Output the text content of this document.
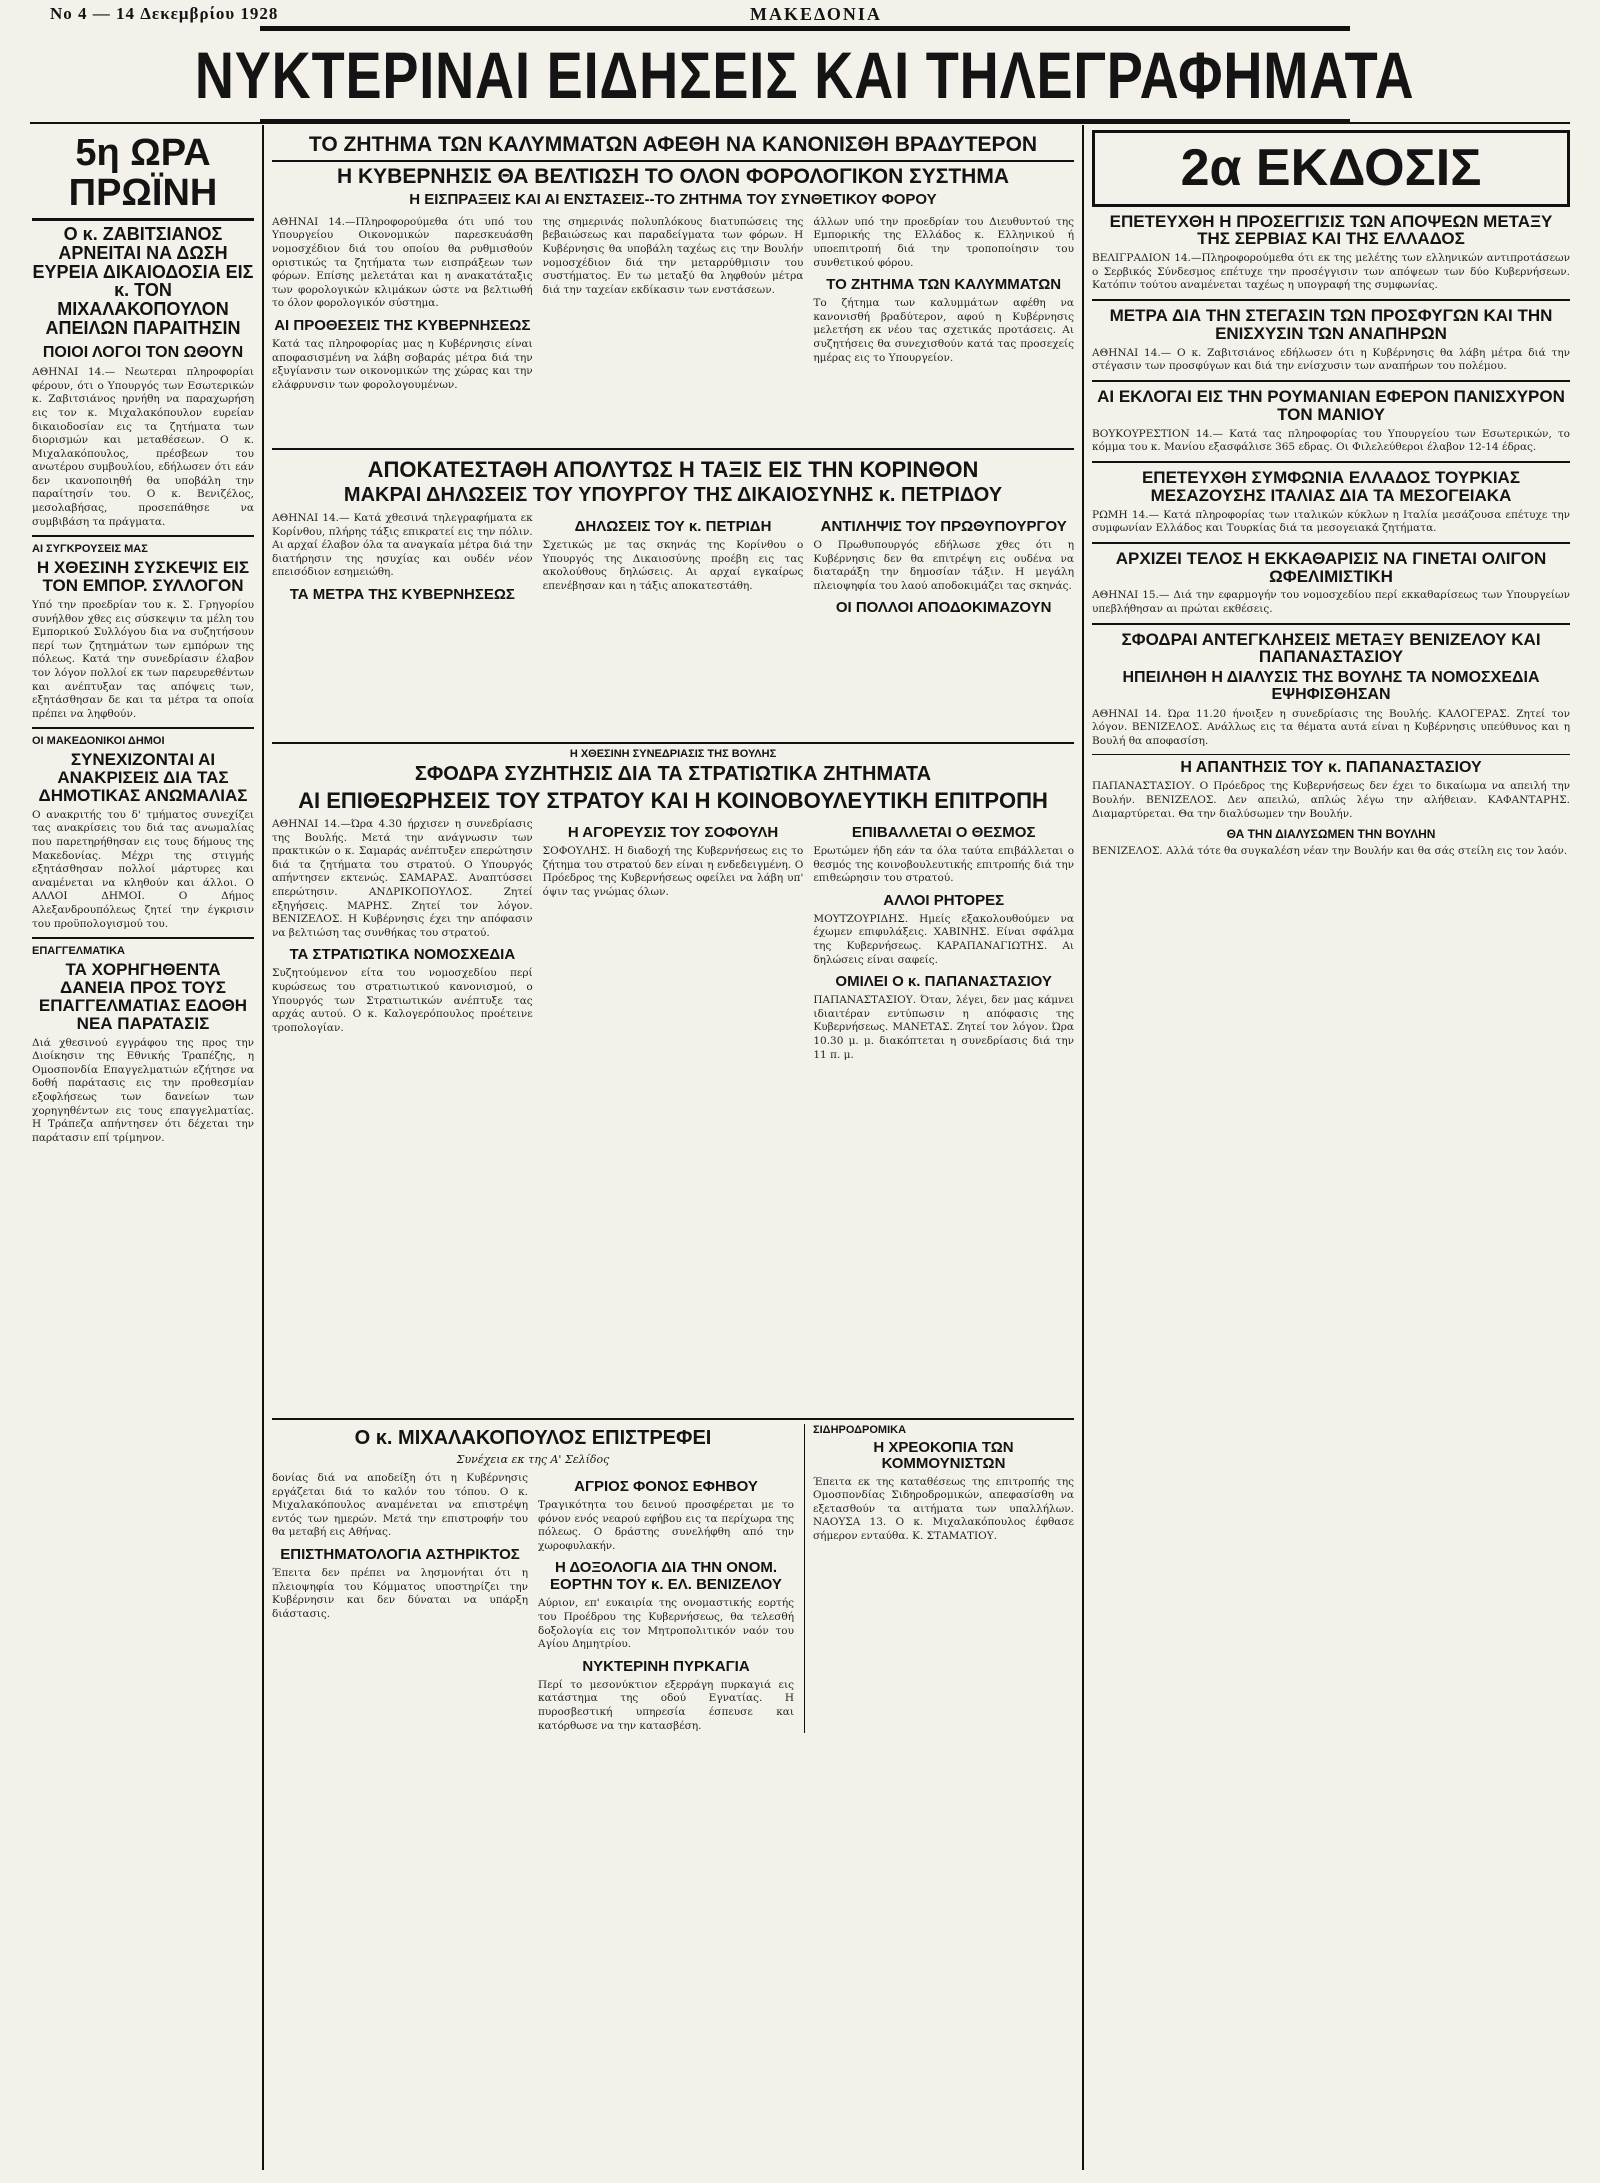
Νo 4 — 14 Δεκεμβρίου 1928	ΜΑΚΕΔΟΝΙΑ
ΝΥΚΤΕΡΙΝΑΙ ΕΙΔΗΣΕΙΣ ΚΑΙ ΤΗΛΕΓΡΑΦΗΜΑΤΑ
5η ΩΡΑ ΠΡΩΪΝΗ
Ο κ. ΖΑΒΙΤΣΙΑΝΟΣ ΑΡΝΕΙΤΑΙ ΝΑ ΔΩΣΗ ΕΥΡΕΙΑ ΔΙΚΑΙΟΔΟΣΙΑ ΕΙΣ κ. ΤΟΝ ΜΙΧΑΛΑΚΟΠΟΥΛΟΝ ΑΠΕΙΛΩΝ ΠΑΡΑΙΤΗΣΙΝ
ΠΟΙΟΙ ΛΟΓΟΙ ΤΟΝ ΩΘΟΥΝ

ΑΘΗΝΑΙ 14.— Νεωτεραι πληροφορίαι φέρουν, ότι ο Υπουργός των Εσωτερικών κ. Ζαβιτσιάνος ηρνήθη να παραχωρήση εις τον κ. Μιχαλακόπουλον ευρείαν δικαιοδοσίαν εις τα ζητήματα των διορισμών και μεταθέσεων. Ο κ. Μιχαλακόπουλος, πρέσβεων του ανωτέρου συμβουλίου, εδήλωσεν ότι εάν δεν ικανοποιηθή θα υποβάλη την παραίτησίν του. Ο κ. Βενιζέλος, μεσολαβήσας, προσεπάθησε να συμβιβάση τα πράγματα.

ΑΙ ΣΥΓΚΡΟΥΣΕΙΣ ΜΑΣ
Η ΧΘΕΣΙΝΗ ΣΥΣΚΕΨΙΣ ΕΙΣ ΤΟΝ ΕΜΠΟΡ. ΣΥΛΛΟΓΟΝ

Υπό την προεδρίαν του κ. Σ. Γρηγορίου συνήλθον χθες εις σύσκεψιν τα μέλη του Εμπορικού Συλλόγου δια να συζητήσουν περί των ζητημάτων των εμπόρων της πόλεως. Κατά την συνεδρίασιν έλαβον τον λόγον πολλοί εκ των παρευρεθέντων και ανέπτυξαν τας απόψεις των, εξητάσθησαν δε και τα μέτρα τα οποία πρέπει να ληφθούν.

ΟΙ ΜΑΚΕΔΟΝΙΚΟΙ ΔΗΜΟΙ
ΣΥΝΕΧΙΖΟΝΤΑΙ ΑΙ ΑΝΑΚΡΙΣΕΙΣ ΔΙΑ ΤΑΣ ΔΗΜΟΤΙΚΑΣ ΑΝΩΜΑΛΙΑΣ

Ο ανακριτής του δ' τμήματος συνεχίζει τας ανακρίσεις του διά τας ανωμαλίας που παρετηρήθησαν εις τους δήμους της Μακεδονίας. Μέχρι της στιγμής εξητάσθησαν πολλοί μάρτυρες και αναμένεται να κληθούν και άλλοι. Ο ΑΛΛΟΙ ΔΗΜΟΙ. Ο Δήμος Αλεξανδρουπόλεως ζητεί την έγκρισιν του προϋπολογισμού του.

ΕΠΑΓΓΕΛΜΑΤΙΚΑ
ΤΑ ΧΟΡΗΓΗΘΕΝΤΑ ΔΑΝΕΙΑ ΠΡΟΣ ΤΟΥΣ ΕΠΑΓΓΕΛΜΑΤΙΑΣ ΕΔΟΘΗ ΝΕΑ ΠΑΡΑΤΑΣΙΣ

Διά χθεσινού εγγράφου της προς την Διοίκησιν της Εθνικής Τραπέζης, η Ομοσπονδία Επαγγελματιών εζήτησε να δοθή παράτασις εις την προθεσμίαν εξοφλήσεως των δανείων των χορηγηθέντων εις τους επαγγελματίας. Η Τράπεζα απήντησεν ότι δέχεται την παράτασιν επί τρίμηνον.

ΤΟ ΖΗΤΗΜΑ ΤΩΝ ΚΑΛΥΜΜΑΤΩΝ ΑΦΕΘΗ ΝΑ ΚΑΝΟΝΙΣΘΗ ΒΡΑΔΥΤΕΡΟΝ
Η ΚΥΒΕΡΝΗΣΙΣ ΘΑ ΒΕΛΤΙΩΣΗ ΤΟ ΟΛΟΝ ΦΟΡΟΛΟΓΙΚΟΝ ΣΥΣΤΗΜΑ
Η ΕΙΣΠΡΑΞΕΙΣ ΚΑΙ ΑΙ ΕΝΣΤΑΣΕΙΣ--ΤΟ ΖΗΤΗΜΑ ΤΟΥ ΣΥΝΘΕΤΙΚΟΥ ΦΟΡΟΥ

ΑΘΗΝΑΙ 14.—Πληροφορούμεθα ότι υπό του Υπουργείου Οικονομικών παρεσκευάσθη νομοσχέδιον διά του οποίου θα ρυθμισθούν οριστικώς τα ζητήματα των εισπράξεων των φόρων. Επίσης μελετάται και η ανακατάταξις των φορολογικών κλιμάκων ώστε να βελτιωθή το όλον φορολογικόν σύστημα.

ΑΙ ΠΡΟΘΕΣΕΙΣ ΤΗΣ ΚΥΒΕΡΝΗΣΕΩΣ

Κατά τας πληροφορίας μας η Κυβέρνησις είναι αποφασισμένη να λάβη σοβαράς μέτρα διά την εξυγίανσιν των οικονομικών της χώρας και την ελάφρυνσιν των φορολογουμένων.

της σημερινάς πολυπλόκους διατυπώσεις της βεβαιώσεως και παραδείγματα των φόρων. Η Κυβέρνησις θα υποβάλη ταχέως εις την Βουλήν νομοσχέδιον διά την μεταρρύθμισιν του συστήματος. Εν τω μεταξύ θα ληφθούν μέτρα διά την ταχείαν εκδίκασιν των ενστάσεων.

άλλων υπό την προεδρίαν του Διευθυντού της Εμπορικής της Ελλάδος κ. Ελληνικού ή υποεπιτροπή διά την τροποποίησιν του συνθετικού φόρου.

ΤΟ ΖΗΤΗΜΑ ΤΩΝ ΚΑΛΥΜΜΑΤΩΝ

Το ζήτημα των καλυμμάτων αφέθη να κανονισθή βραδύτερον, αφού η Κυβέρνησις μελετήση εκ νέου τας σχετικάς προτάσεις. Αι συζητήσεις θα συνεχισθούν κατά τας προσεχείς ημέρας εις το Υπουργείον.

ΑΠΟΚΑΤΕΣΤΑΘΗ ΑΠΟΛΥΤΩΣ Η ΤΑΞΙΣ ΕΙΣ ΤΗΝ ΚΟΡΙΝΘΟΝ
ΜΑΚΡΑΙ ΔΗΛΩΣΕΙΣ ΤΟΥ ΥΠΟΥΡΓΟΥ ΤΗΣ ΔΙΚΑΙΟΣΥΝΗΣ κ. ΠΕΤΡΙΔΟΥ

ΑΘΗΝΑΙ 14.— Κατά χθεσινά τηλεγραφήματα εκ Κορίνθου, πλήρης τάξις επικρατεί εις την πόλιν. Αι αρχαί έλαβον όλα τα αναγκαία μέτρα διά την διατήρησιν της ησυχίας και ουδέν νέον επεισόδιον εσημειώθη.

ΤΑ ΜΕΤΡΑ ΤΗΣ ΚΥΒΕΡΝΗΣΕΩΣ
ΔΗΛΩΣΕΙΣ ΤΟΥ κ. ΠΕΤΡΙΔΗ

Σχετικώς με τας σκηνάς της Κορίνθου ο Υπουργός της Δικαιοσύνης προέβη εις τας ακολούθους δηλώσεις. Αι αρχαί εγκαίρως επενέβησαν και η τάξις αποκατεστάθη.

ΑΝΤΙΛΗΨΙΣ ΤΟΥ ΠΡΩΘΥΠΟΥΡΓΟΥ

Ο Πρωθυπουργός εδήλωσε χθες ότι η Κυβέρνησις δεν θα επιτρέψη εις ουδένα να διαταράξη την δημοσίαν τάξιν. Η μεγάλη πλειοψηφία του λαού αποδοκιμάζει τας σκηνάς.

ΟΙ ΠΟΛΛΟΙ ΑΠΟΔΟΚΙΜΑΖΟΥΝ
Η ΧΘΕΣΙΝΗ ΣΥΝΕΔΡΙΑΣΙΣ ΤΗΣ ΒΟΥΛΗΣ
ΣΦΟΔΡΑ ΣΥΖΗΤΗΣΙΣ ΔΙΑ ΤΑ ΣΤΡΑΤΙΩΤΙΚΑ ΖΗΤΗΜΑΤΑ
ΑΙ ΕΠΙΘΕΩΡΗΣΕΙΣ ΤΟΥ ΣΤΡΑΤΟΥ ΚΑΙ Η ΚΟΙΝΟΒΟΥΛΕΥΤΙΚΗ ΕΠΙΤΡΟΠΗ

ΑΘΗΝΑΙ 14.—Ώρα 4.30 ήρχισεν η συνεδρίασις της Βουλής. Μετά την ανάγνωσιν των πρακτικών ο κ. Σαμαράς ανέπτυξεν επερώτησιν διά τα ζητήματα του στρατού. Ο Υπουργός απήντησεν εκτενώς. ΣΑΜΑΡΑΣ. Αναπτύσσει επερώτησιν. ΑΝΔΡΙΚΟΠΟΥΛΟΣ. Ζητεί εξηγήσεις. ΜΑΡΗΣ. Ζητεί τον λόγον. ΒΕΝΙΖΕΛΟΣ. Η Κυβέρνησις έχει την απόφασιν να βελτιώση τας συνθήκας του στρατού.

ΤΑ ΣΤΡΑΤΙΩΤΙΚΑ ΝΟΜΟΣΧΕΔΙΑ

Συζητούμενον είτα του νομοσχεδίου περί κυρώσεως του στρατιωτικού κανονισμού, ο Υπουργός των Στρατιωτικών ανέπτυξε τας αρχάς αυτού. Ο κ. Καλογερόπουλος προέτεινε τροπολογίαν.

Η ΑΓΟΡΕΥΣΙΣ ΤΟΥ ΣΟΦΟΥΛΗ

ΣΟΦΟΥΛΗΣ. Η διαδοχή της Κυβερνήσεως εις το ζήτημα του στρατού δεν είναι η ενδεδειγμένη. Ο Πρόεδρος της Κυβερνήσεως οφείλει να λάβη υπ' όψιν τας γνώμας όλων.

ΕΠΙΒΑΛΛΕΤΑΙ Ο ΘΕΣΜΟΣ

Ερωτώμεν ήδη εάν τα όλα ταύτα επιβάλλεται ο θεσμός της κοινοβουλευτικής επιτροπής διά την επιθεώρησιν του στρατού.

ΑΛΛΟΙ ΡΗΤΟΡΕΣ

ΜΟΥΤΖΟΥΡΙΔΗΣ. Ημείς εξακολουθούμεν να έχωμεν επιφυλάξεις. ΧΑΒΙΝΗΣ. Είναι σφάλμα της Κυβερνήσεως. ΚΑΡΑΠΑΝΑΓΙΩΤΗΣ. Αι δηλώσεις είναι σαφείς.

ΟΜΙΛΕΙ Ο κ. ΠΑΠΑΝΑΣΤΑΣΙΟΥ

ΠΑΠΑΝΑΣΤΑΣΙΟΥ. Όταν, λέγει, δεν μας κάμνει ιδιαιτέραν εντύπωσιν η απόφασις της Κυβερνήσεως. ΜΑΝΕΤΑΣ. Ζητεί τον λόγον. Ώρα 10.30 μ. μ. διακόπτεται η συνεδρίασις διά την 11 π. μ.

Ο κ. ΜΙΧΑΛΑΚΟΠΟΥΛΟΣ ΕΠΙΣΤΡΕΦΕΙ
Συνέχεια εκ της Α' Σελίδος

δονίας διά να αποδείξη ότι η Κυβέρνησις εργάζεται διά το καλόν του τόπου. Ο κ. Μιχαλακόπουλος αναμένεται να επιστρέψη εντός των ημερών. Μετά την επιστροφήν του θα μεταβή εις Αθήνας.

ΕΠΙΣΤΗΜΑΤΟΛΟΓΙΑ ΑΣΤΗΡΙΚΤΟΣ

Έπειτα δεν πρέπει να λησμονήται ότι η πλειοψηφία του Κόμματος υποστηρίζει την Κυβέρνησιν και δεν δύναται να υπάρξη διάστασις.

ΑΓΡΙΟΣ ΦΟΝΟΣ ΕΦΗΒΟΥ

Τραγικότητα του δεινού προσφέρεται με το φόνον ενός νεαρού εφήβου εις τα περίχωρα της πόλεως. Ο δράστης συνελήφθη από την χωροφυλακήν.

Η ΔΟΞΟΛΟΓΙΑ ΔΙΑ ΤΗΝ ΟΝΟΜ. ΕΟΡΤΗΝ ΤΟΥ κ. ΕΛ. ΒΕΝΙΖΕΛΟΥ

Αύριον, επ' ευκαιρία της ονομαστικής εορτής του Προέδρου της Κυβερνήσεως, θα τελεσθή δοξολογία εις τον Μητροπολιτικόν ναόν του Αγίου Δημητρίου.

ΝΥΚΤΕΡΙΝΗ ΠΥΡΚΑΓΙΑ

Περί το μεσονύκτιον εξερράγη πυρκαγιά εις κατάστημα της οδού Εγνατίας. Η πυροσβεστική υπηρεσία έσπευσε και κατόρθωσε να την κατασβέση.

ΣΙΔΗΡΟΔΡΟΜΙΚΑ
Η ΧΡΕΟΚΟΠΙΑ ΤΩΝ ΚΟΜΜΟΥΝΙΣΤΩΝ

Έπειτα εκ της καταθέσεως της επιτροπής της Ομοσπονδίας Σιδηροδρομικών, απεφασίσθη να εξετασθούν τα αιτήματα των υπαλλήλων. ΝΑΟΥΣΑ 13. Ο κ. Μιχαλακόπουλος έφθασε σήμερον ενταύθα. Κ. ΣΤΑΜΑΤΙΟΥ.

2α ΕΚΔΟΣΙΣ
ΕΠΕΤΕΥΧΘΗ Η ΠΡΟΣΕΓΓΙΣΙΣ ΤΩΝ ΑΠΟΨΕΩΝ ΜΕΤΑΞΥ ΤΗΣ ΣΕΡΒΙΑΣ ΚΑΙ ΤΗΣ ΕΛΛΑΔΟΣ

ΒΕΛΙΓΡΑΔΙΟΝ 14.—Πληροφορούμεθα ότι εκ της μελέτης των ελληνικών αντιπροτάσεων ο Σερβικός Σύνδεσμος επέτυχε την προσέγγισιν των απόψεων των δύο Κυβερνήσεων. Κατόπιν τούτου αναμένεται ταχέως η υπογραφή της συμφωνίας.

ΜΕΤΡΑ ΔΙΑ ΤΗΝ ΣΤΕΓΑΣΙΝ ΤΩΝ ΠΡΟΣΦΥΓΩΝ ΚΑΙ ΤΗΝ ΕΝΙΣΧΥΣΙΝ ΤΩΝ ΑΝΑΠΗΡΩΝ

ΑΘΗΝΑΙ 14.— Ο κ. Ζαβιτσιάνος εδήλωσεν ότι η Κυβέρνησις θα λάβη μέτρα διά την στέγασιν των προσφύγων και διά την ενίσχυσιν των αναπήρων του πολέμου.

ΑΙ ΕΚΛΟΓΑΙ ΕΙΣ ΤΗΝ ΡΟΥΜΑΝΙΑΝ ΕΦΕΡΟΝ ΠΑΝΙΣΧΥΡΟΝ ΤΟΝ ΜΑΝΙΟΥ

ΒΟΥΚΟΥΡΕΣΤΙΟΝ 14.— Κατά τας πληροφορίας του Υπουργείου των Εσωτερικών, το κόμμα του κ. Μανίου εξασφάλισε 365 εδρας. Οι Φιλελεύθεροι έλαβον 12-14 έδρας.

ΕΠΕΤΕΥΧΘΗ ΣΥΜΦΩΝΙΑ ΕΛΛΑΔΟΣ ΤΟΥΡΚΙΑΣ ΜΕΣΑΖΟΥΣΗΣ ΙΤΑΛΙΑΣ ΔΙΑ ΤΑ ΜΕΣΟΓΕΙΑΚΑ

ΡΩΜΗ 14.— Κατά πληροφορίας των ιταλικών κύκλων η Ιταλία μεσάζουσα επέτυχε την συμφωνίαν Ελλάδος και Τουρκίας διά τα μεσογειακά ζητήματα.

ΑΡΧΙΖΕΙ ΤΕΛΟΣ Η ΕΚΚΑΘΑΡΙΣΙΣ ΝΑ ΓΙΝΕΤΑΙ ΟΛΙΓΟΝ ΩΦΕΛΙΜΙΣΤΙΚΗ

ΑΘΗΝΑΙ 15.— Διά την εφαρμογήν του νομοσχεδίου περί εκκαθαρίσεως των Υπουργείων υπεβλήθησαν αι πρώται εκθέσεις.

ΣΦΟΔΡΑΙ ΑΝΤΕΓΚΛΗΣΕΙΣ ΜΕΤΑΞΥ ΒΕΝΙΖΕΛΟΥ ΚΑΙ ΠΑΠΑΝΑΣΤΑΣΙΟΥ
ΗΠΕΙΛΗΘΗ Η ΔΙΑΛΥΣΙΣ ΤΗΣ ΒΟΥΛΗΣ ΤΑ ΝΟΜΟΣΧΕΔΙΑ ΕΨΗΦΙΣΘΗΣΑΝ

ΑΘΗΝΑΙ 14. Ώρα 11.20 ήνοιξεν η συνεδρίασις της Βουλής. ΚΑΛΟΓΕΡΑΣ. Ζητεί τον λόγον. ΒΕΝΙΖΕΛΟΣ. Ανάλλως εις τα θέματα αυτά είναι η Κυβέρνησις υπεύθυνος και η Βουλή θα αποφασίση.

Η ΑΠΑΝΤΗΣΙΣ ΤΟΥ κ. ΠΑΠΑΝΑΣΤΑΣΙΟΥ

ΠΑΠΑΝΑΣΤΑΣΙΟΥ. Ο Πρόεδρος της Κυβερνήσεως δεν έχει το δικαίωμα να απειλή την Βουλήν. ΒΕΝΙΖΕΛΟΣ. Δεν απειλώ, απλώς λέγω την αλήθειαν. ΚΑΦΑΝΤΑΡΗΣ. Διαμαρτύρεται. Θα την διαλύσωμεν την Βουλήν.

ΘΑ ΤΗΝ ΔΙΑΛΥΣΩΜΕΝ ΤΗΝ ΒΟΥΛΗΝ

ΒΕΝΙΖΕΛΟΣ. Αλλά τότε θα συγκαλέση νέαν την Βουλήν και θα σάς στείλη εις τον λαόν.
